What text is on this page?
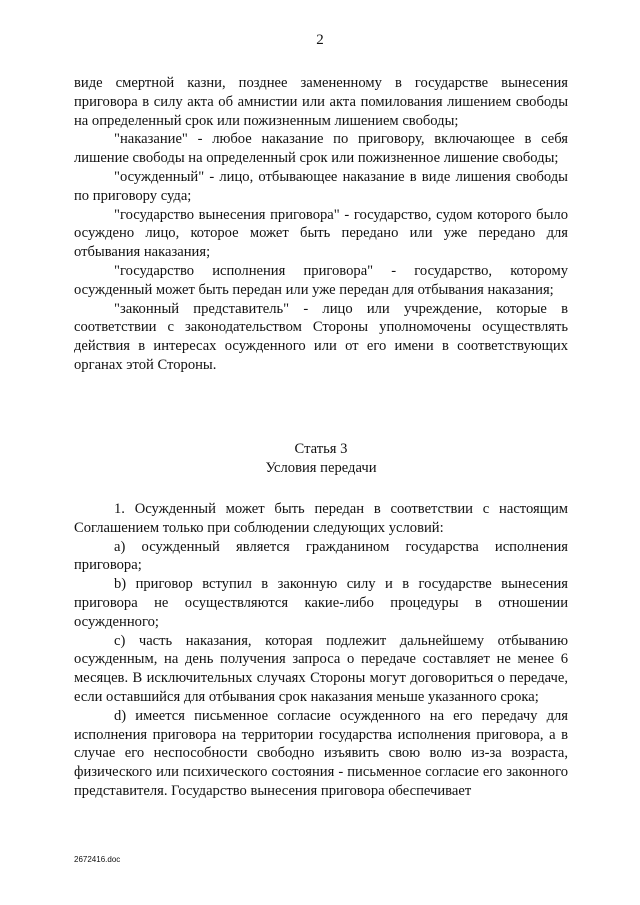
2

виде смертной казни, позднее замененному в государстве вынесения приговора в силу акта об амнистии или акта помилования лишением свободы на определенный срок или пожизненным лишением свободы;

"наказание" - любое наказание по приговору, включающее в себя лишение свободы на определенный срок или пожизненное лишение свободы;

"осужденный" - лицо, отбывающее наказание в виде лишения свободы по приговору суда;

"государство вынесения приговора" - государство, судом которого было осуждено лицо, которое может быть передано или уже передано для отбывания наказания;

"государство исполнения приговора" - государство, которому осужденный может быть передан или уже передан для отбывания наказания;

"законный представитель" - лицо или учреждение, которые в соответствии с законодательством Стороны уполномочены осуществлять действия в интересах осужденного или от его имени в соответствующих органах этой Стороны.

Статья 3

Условия передачи

1. Осужденный может быть передан в соответствии с настоящим Соглашением только при соблюдении следующих условий:

a) осужденный является гражданином государства исполнения приговора;

b) приговор вступил в законную силу и в государстве вынесения приговора не осуществляются какие-либо процедуры в отношении осужденного;

c) часть наказания, которая подлежит дальнейшему отбыванию осужденным, на день получения запроса о передаче составляет не менее 6 месяцев. В исключительных случаях Стороны могут договориться о передаче, если оставшийся для отбывания срок наказания меньше указанного срока;

d) имеется письменное согласие осужденного на его передачу для исполнения приговора на территории государства исполнения приговора, а в случае его неспособности свободно изъявить свою волю из-за возраста, физического или психического состояния - письменное согласие его законного представителя. Государство вынесения приговора обеспечивает

2672416.doc
